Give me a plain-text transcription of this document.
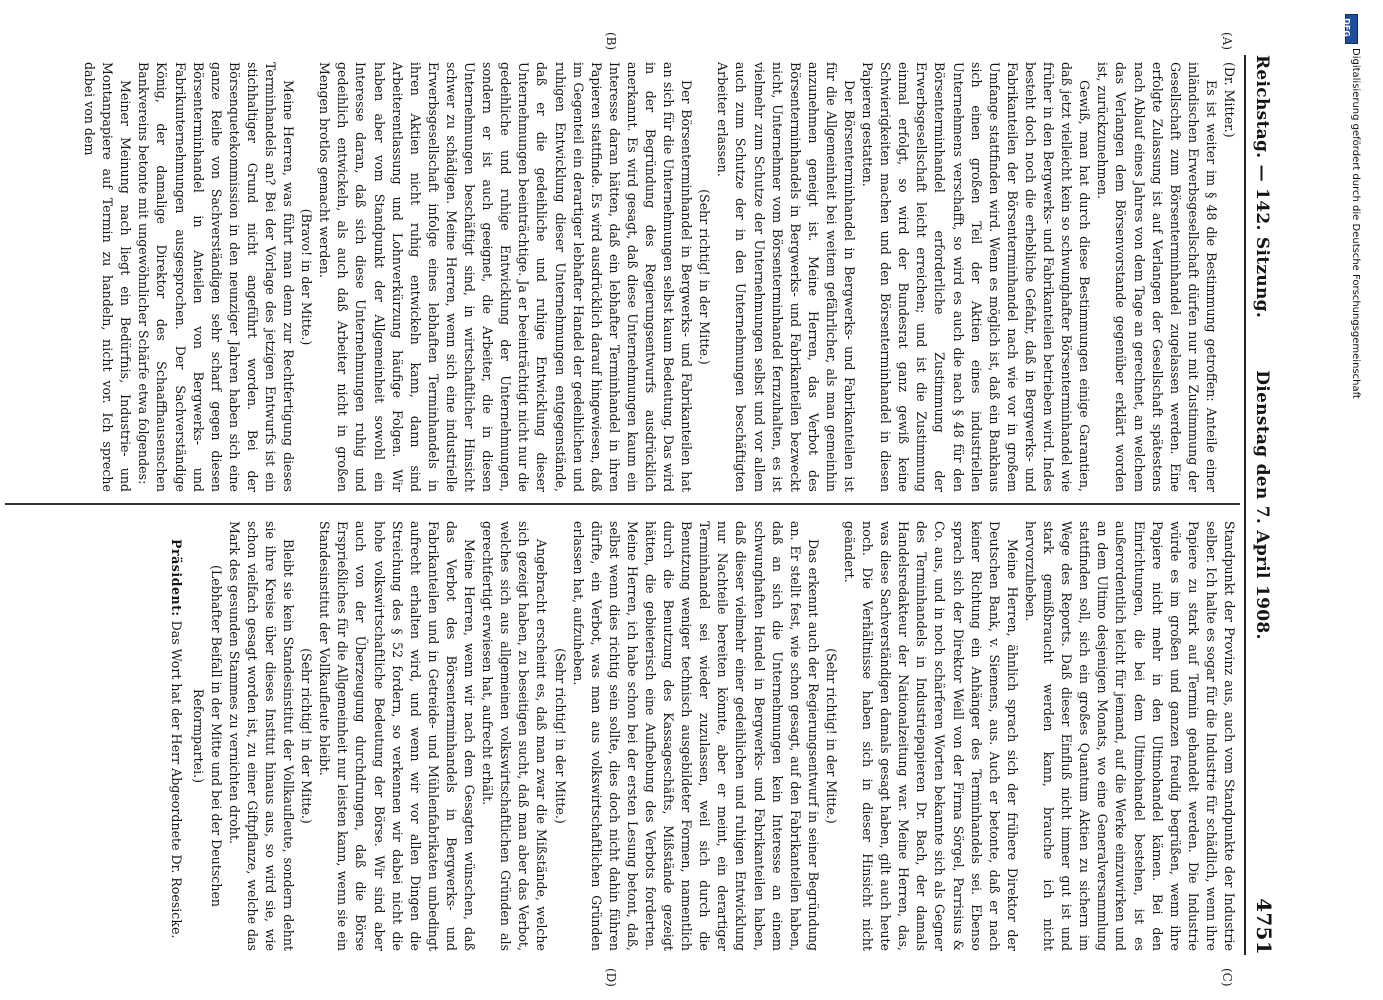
Reichstag. — 142. Sitzung.
Dienstag den 7. April 1908.
4751
(A)
(B)
(C)
(D)

(Dr. Mitter.)

Es ist weiter im § 48 die Bestimmung getroffen: Anteile einer inländischen Erwerbsgesellschaft dürfen nur mit Zustimmung der Gesellschaft zum Börsenterminhandel zugelassen werden. Eine erfolgte Zulassung ist auf Verlangen der Gesellschaft spätestens nach Ablauf eines Jahres von dem Tage an gerechnet, an welchem das Verlangen dem Börsenvorstande gegenüber erklärt worden ist, zurückzunehmen.

Gewiß, man hat durch diese Bestimmungen einige Garantien, daß jetzt vielleicht kein so schwunghafter Börsenterminhandel wie früher in den Bergwerks- und Fabrikanteilen betrieben wird. Indes besteht doch noch die erhebliche Gefahr, daß in Bergwerks- und Fabrikanteilen der Börsenterminhandel nach wie vor in großem Umfange stattfinden wird. Wenn es möglich ist, daß ein Bankhaus sich einen großen Teil der Aktien eines industriellen Unternehmens verschafft, so wird es auch die nach § 48 für den Börsenterminhandel erforderliche Zustimmung der Erwerbsgesellschaft leicht erreichen; und ist die Zustimmung einmal erfolgt, so wird der Bundesrat ganz gewiß keine Schwierigkeiten machen und den Börsenterminhandel in diesen Papieren gestatten.

Der Börsenterminhandel in Bergwerks- und Fabrikanteilen ist für die Allgemeinheit bei weitem gefährlicher, als man gemeinhin anzunehmen geneigt ist. Meine Herren, das Verbot des Börsenterminhandels in Bergwerks- und Fabrikanteilen bezweckt nicht, Unternehmer vom Börsenterminhandel fernzuhalten, es ist vielmehr zum Schutze der Unternehmungen selbst und vor allem auch zum Schutze der in den Unternehmungen beschäftigten Arbeiter erlassen.

(Sehr richtig! in der Mitte.)

Der Börsenterminhandel in Bergwerks- und Fabrikanteilen hat an sich für die Unternehmungen selbst kaum Bedeutung. Das wird in der Begründung des Regierungsentwurfs ausdrücklich anerkannt. Es wird gesagt, daß diese Unternehmungen kaum ein Interesse daran hätten, daß ein lebhafter Terminhandel in ihren Papieren stattfinde. Es wird ausdrücklich darauf hingewiesen, daß im Gegenteil ein derartiger lebhafter Handel der gedeihlichen und ruhigen Entwicklung dieser Unternehmungen entgegenstände, daß er die gedeihliche und ruhige Entwicklung dieser Unternehmungen beeinträchtige. Ja er beeinträchtigt nicht nur die gedeihliche und ruhige Entwicklung der Unternehmungen, sondern er ist auch geeignet, die Arbeiter, die in diesen Unternehmungen beschäftigt sind, in wirtschaftlicher Hinsicht schwer zu schädigen. Meine Herren, wenn sich eine industrielle Erwerbsgesellschaft infolge eines lebhaften Terminhandels in ihren Aktien nicht ruhig entwickeln kann, dann sind Arbeiterentlassung und Lohnverkürzung häufige Folgen. Wir haben aber vom Standpunkt der Allgemeinheit sowohl ein Interesse daran, daß sich diese Unternehmungen ruhig und gedeihlich entwickeln, als auch daß Arbeiter nicht in großen Mengen brotlos gemacht werden.

(Bravo! in der Mitte.)

Meine Herren, was führt man denn zur Rechtfertigung dieses Terminhandels an? Bei der Vorlage des jetzigen Entwurfs ist ein stichhaltiger Grund nicht angeführt worden. Bei der Börsenquetekommission in den neunziger Jahren haben sich eine ganze Reihe von Sachverständigen sehr scharf gegen diesen Börsenterminhandel in Anteilen von Bergwerks- und Fabrikunternehmungen ausgesprochen. Der Sachverständige König, der damalige Direktor des Schaaffhausenschen Bankvereins betonte mit ungewöhnlicher Schärfe etwa folgendes:

Meiner Meinung nach liegt ein Bedürfnis, Industrie- und Montanpapiere auf Termin zu handeln, nicht vor. Ich spreche dabei von dem

Standpunkt der Provinz aus, auch vom Standpunkte der Industrie selber. Ich halte es sogar für die Industrie für schädlich, wenn ihre Papiere zu stark auf Termin gehandelt werden. Die Industrie würde es im großen und ganzen freudig begrüßen, wenn ihre Papiere nicht mehr in den Ultimohandel kämen. Bei den Einrichtungen, die bei dem Ultimohandel bestehen, ist es außerordentlich leicht für jemand, auf die Werke einzuwirken und an dem Ultimo desjenigen Monats, wo eine Generalversammlung stattfinden soll, sich ein großes Quantum Aktien zu sichern im Wege des Reports. Daß dieser Einfluß nicht immer gut ist und stark gemißbraucht werden kann, brauche ich nicht hervorzuheben.

Meine Herren, ähnlich sprach sich der frühere Direktor der Deutschen Bank, v. Siemens, aus. Auch er betonte, daß er nach keiner Richtung ein Anhänger des Terminhandels sei. Ebenso sprach sich der Direktor Weill von der Firma Sörgel, Parrisius & Co. aus, und in noch schärferen Worten bekannte sich als Gegner des Terminhandels in Industriepapieren Dr. Bach, der damals Handelsredakteur der Nationalzeitung war. Meine Herren, das, was diese Sachverständigen damals gesagt haben, gilt auch heute noch. Die Verhältnisse haben sich in dieser Hinsicht nicht geändert.

(Sehr richtig! in der Mitte.)

Das erkennt auch der Regierungsentwurf in seiner Begründung an. Er stellt fest, wie schon gesagt, auf den Fabrikanteilen haben, daß an sich die Unternehmungen kein Interesse an einem schwunghaften Handel in Bergwerks- und Fabrikanteilen haben, daß dieser vielmehr einer gedeihlichen und ruhigen Entwicklung nur Nachteile bereiten könnte, aber er meint, ein derartiger Terminhandel sei wieder zuzulassen, weil sich durch die Benutzung weniger technisch ausgebildeter Formen, namentlich durch die Benutzung des Kassageschäfts, Mißstände gezeigt hätten, die gebieterisch eine Aufhebung des Verbots forderten. Meine Herren, ich habe schon bei der ersten Lesung betont, daß, selbst wenn dies richtig sein sollte, dies doch nicht dahin führen dürfte, ein Verbot, was man aus volkswirtschaftlichen Gründen erlassen hat, aufzuheben.

(Sehr richtig! in der Mitte.)

Angebracht erscheint es, daß man zwar die Mißstände, welche sich gezeigt haben, zu beseitigen sucht, daß man aber das Verbot, welches sich aus allgemeinen volkswirtschaftlichen Gründen als gerechtfertigt erwiesen hat, aufrecht erhält.

Meine Herren, wenn wir nach dem Gesagten wünschen, daß das Verbot des Börsenterminhandels in Bergwerks- und Fabrikanteilen und in Getreide- und Mühlenfabrikaten unbedingt aufrecht erhalten wird, und wenn wir vor allen Dingen die Streichung des § 52 fordern, so verkennen wir dabei nicht die hohe volkswirtschaftliche Bedeutung der Börse. Wir sind aber auch von der Überzeugung durchdrungen, daß die Börse Ersprießliches für die Allgemeinheit nur leisten kann, wenn sie ein Standesinstitut der Vollkaufleute bleibt.

(Sehr richtig! in der Mitte.)

Bleibt sie kein Standesinstitut der Vollkaufleute, sondern dehnt sie ihre Kreise über dieses Institut hinaus aus, so wird sie, wie schon vielfach gesagt worden ist, zu einer Giftpflanze, welche das Mark des gesunden Stammes zu vernichten droht.

(Lebhafter Beifall in der Mitte und bei der Deutschen Reformpartei.)

Präsident: Das Wort hat der Herr Abgeordnete Dr. Roesicke.

DFG
Digitalisierung gefördert durch die Deutsche Forschungsgemeinschaft
